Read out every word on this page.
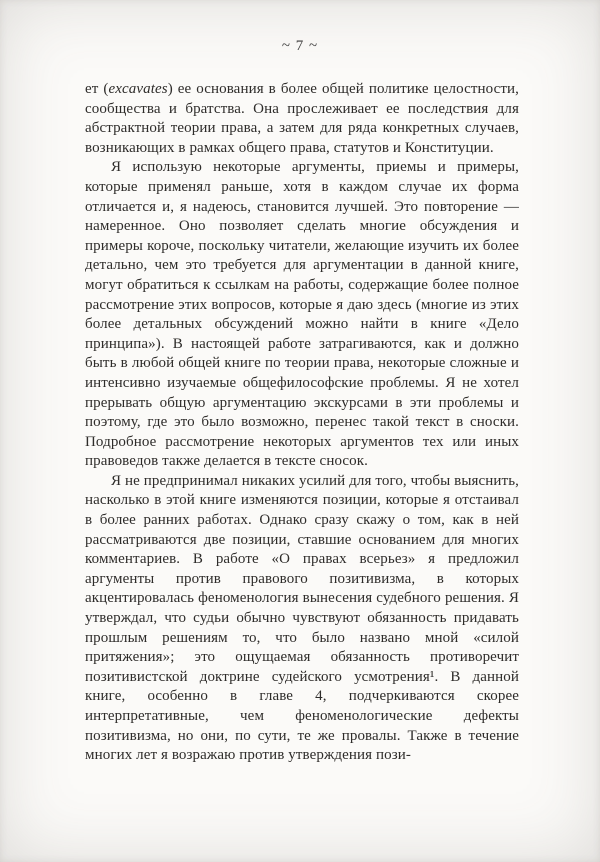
~ 7 ~

ет (excavates) ее основания в более общей политике целостности, сообщества и братства. Она прослеживает ее последствия для абстрактной теории права, а затем для ряда конкретных случаев, возникающих в рамках общего права, статутов и Конституции.

Я использую некоторые аргументы, приемы и примеры, которые применял раньше, хотя в каждом случае их форма отличается и, я надеюсь, становится лучшей. Это повторение — намеренное. Оно позволяет сделать многие обсуждения и примеры короче, поскольку читатели, желающие изучить их более детально, чем это требуется для аргументации в данной книге, могут обратиться к ссылкам на работы, содержащие более полное рассмотрение этих вопросов, которые я даю здесь (многие из этих более детальных обсуждений можно найти в книге «Дело принципа»). В настоящей работе затрагиваются, как и должно быть в любой общей книге по теории права, некоторые сложные и интенсивно изучаемые общефилософские проблемы. Я не хотел прерывать общую аргументацию экскурсами в эти проблемы и поэтому, где это было возможно, перенес такой текст в сноски. Подробное рассмотрение некоторых аргументов тех или иных правоведов также делается в тексте сносок.

Я не предпринимал никаких усилий для того, чтобы выяснить, насколько в этой книге изменяются позиции, которые я отстаивал в более ранних работах. Однако сразу скажу о том, как в ней рассматриваются две позиции, ставшие основанием для многих комментариев. В работе «О правах всерьез» я предложил аргументы против правового позитивизма, в которых акцентировалась феноменология вынесения судебного решения. Я утверждал, что судьи обычно чувствуют обязанность придавать прошлым решениям то, что было названо мной «силой притяжения»; это ощущаемая обязанность противоречит позитивистской доктрине судейского усмотрения¹. В данной книге, особенно в главе 4, подчеркиваются скорее интерпретативные, чем феноменологические дефекты позитивизма, но они, по сути, те же провалы. Также в течение многих лет я возражаю против утверждения пози-
